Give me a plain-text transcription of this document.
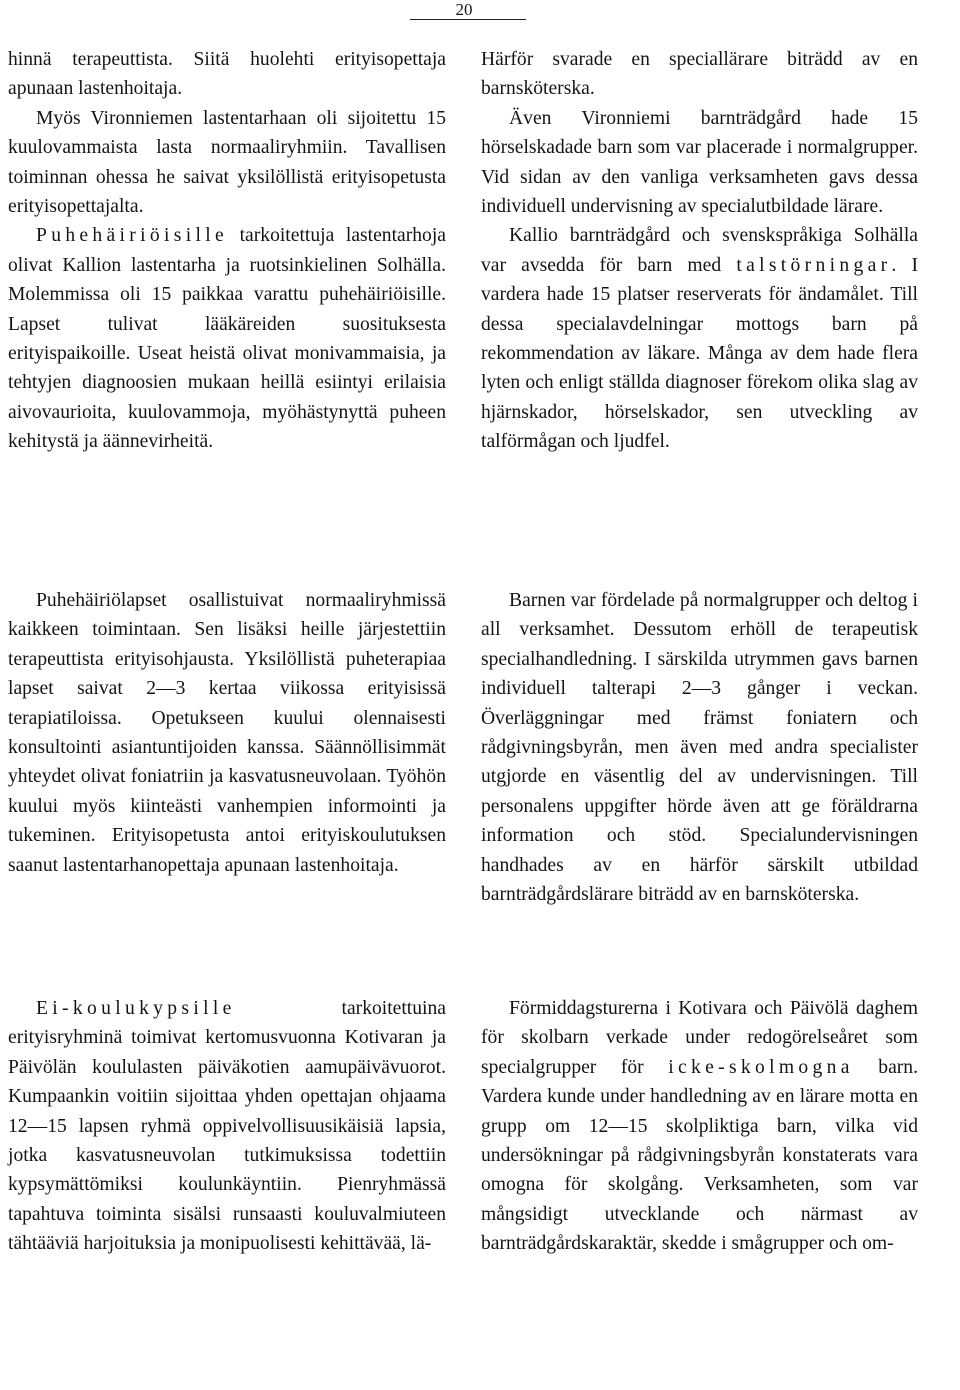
20

hinnä terapeuttista. Siitä huolehti erityisopettaja apunaan lastenhoitaja.

Myös Vironniemen lastentarhaan oli sijoitettu 15 kuulovammaista lasta normaaliryhmiin. Tavallisen toiminnan ohessa he saivat yksilöllistä erityisopetusta erityisopettajalta.

Puhehäiriöisille tarkoitettuja lastentarhoja olivat Kallion lastentarha ja ruotsinkielinen Solhälla. Molemmissa oli 15 paikkaa varattu puhehäiriöisille. Lapset tulivat lääkäreiden suosituksesta erityispaikoille. Useat heistä olivat monivammaisia, ja tehtyjen diagnoosien mukaan heillä esiintyi erilaisia aivovaurioita, kuulovammoja, myöhästynyttä puheen kehitystä ja äännevirheitä.

Härför svarade en speciallärare biträdd av en barnsköterska.

Även Vironniemi barnträdgård hade 15 hörselskadade barn som var placerade i normalgrupper. Vid sidan av den vanliga verksamheten gavs dessa individuell undervisning av specialutbildade lärare.

Kallio barnträdgård och svenskspråkiga Solhälla var avsedda för barn med talstörningar. I vardera hade 15 platser reserverats för ändamålet. Till dessa specialavdelningar mottogs barn på rekommendation av läkare. Många av dem hade flera lyten och enligt ställda diagnoser förekom olika slag av hjärnskador, hörselskador, sen utveckling av talförmågan och ljudfel.

Puhehäiriölapset osallistuivat normaaliryhmissä kaikkeen toimintaan. Sen lisäksi heille järjestettiin terapeuttista erityisohjausta. Yksilöllistä puheterapiaa lapset saivat 2—3 kertaa viikossa erityisissä terapiatiloissa. Opetukseen kuului olennaisesti konsultointi asiantuntijoiden kanssa. Säännöllisimmät yhteydet olivat foniatriin ja kasvatusneuvolaan. Työhön kuului myös kiinteästi vanhempien informointi ja tukeminen. Erityisopetusta antoi erityiskoulutuksen saanut lastentarhanopettaja apunaan lastenhoitaja.

Barnen var fördelade på normalgrupper och deltog i all verksamhet. Dessutom erhöll de terapeutisk specialhandledning. I särskilda utrymmen gavs barnen individuell talterapi 2—3 gånger i veckan. Överläggningar med främst foniatern och rådgivningsbyrån, men även med andra specialister utgjorde en väsentlig del av undervisningen. Till personalens uppgifter hörde även att ge föräldrarna information och stöd. Specialundervisningen handhades av en härför särskilt utbildad barnträdgårdslärare biträdd av en barnsköterska.

Ei-koulukypsille tarkoitettuina erityisryhminä toimivat kertomusvuonna Kotivaran ja Päivölän koululasten päiväkotien aamupäivävuorot. Kumpaankin voitiin sijoittaa yhden opettajan ohjaama 12—15 lapsen ryhmä oppivelvollisuusikäisiä lapsia, jotka kasvatusneuvolan tutkimuksissa todettiin kypsymättömiksi koulunkäyntiin. Pienryhmässä tapahtuva toiminta sisälsi runsaasti kouluvalmiuteen tähtääviä harjoituksia ja monipuolisesti kehittävää, lä-

Förmiddagsturerna i Kotivara och Päivölä daghem för skolbarn verkade under redogörelseåret som specialgrupper för icke-skolmogna barn. Vardera kunde under handledning av en lärare motta en grupp om 12—15 skolpliktiga barn, vilka vid undersökningar på rådgivningsbyrån konstaterats vara omogna för skolgång. Verksamheten, som var mångsidigt utvecklande och närmast av barnträdgårdskaraktär, skedde i smågrupper och om-
